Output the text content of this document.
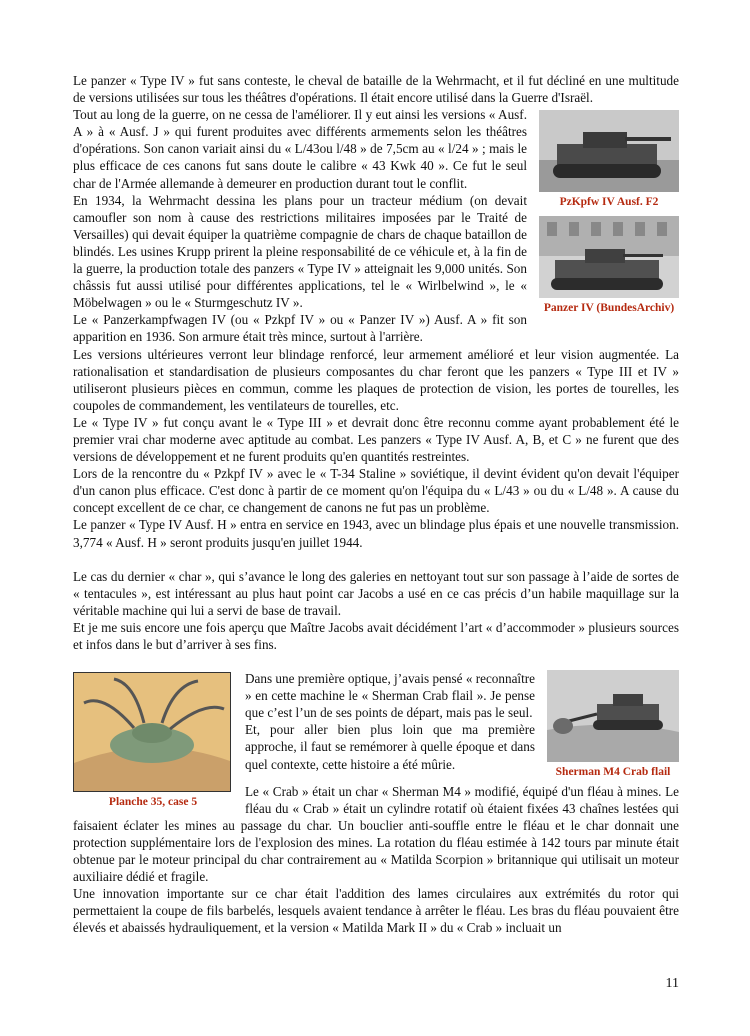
Le panzer « Type IV » fut sans conteste, le cheval de bataille de la Wehrmacht, et il fut décliné en une multitude de versions utilisées sur tous les théâtres d'opérations. Il était encore utilisé dans la Guerre d'Israël.

PzKpfw IV Ausf. F2
Panzer IV (BundesArchiv)

Tout au long de la guerre, on ne cessa de l'améliorer. Il y eut ainsi les versions « Ausf. A » à « Ausf. J » qui furent produites avec différents armements selon les théâtres d'opérations. Son canon variait ainsi du « L/43ou l/48 » de 7,5cm au « l/24 » ; mais le plus efficace de ces canons fut sans doute le calibre « 43 Kwk 40 ». Ce fut le seul char de l'Armée allemande à demeurer en production durant tout le conflit.

En 1934, la Wehrmacht dessina les plans pour un tracteur médium (on devait camoufler son nom à cause des restrictions militaires imposées par le Traité de Versailles) qui devait équiper la quatrième compagnie de chars de chaque bataillon de blindés. Les usines Krupp prirent la pleine responsabilité de ce véhicule et, à la fin de la guerre, la production totale des panzers « Type IV » atteignait les 9,000 unités. Son châssis fut aussi utilisé pour différentes applications, tel le « Wirlbelwind », le « Möbelwagen » ou le « Sturmgeschutz IV ».

Le « Panzerkampfwagen IV (ou « Pzkpf IV » ou « Panzer IV ») Ausf. A » fit son apparition en 1936. Son armure était très mince, surtout à l'arrière.

Les versions ultérieures verront leur blindage renforcé, leur armement amélioré et leur vision augmentée. La rationalisation et standardisation de plusieurs composantes du char feront que les panzers « Type III et IV » utiliseront plusieurs pièces en commun, comme les plaques de protection de vision, les portes de tourelles, les coupoles de commandement, les ventilateurs de tourelles, etc.

Le « Type IV » fut conçu avant le « Type III » et devrait donc être reconnu comme ayant probablement été le premier vrai char moderne avec aptitude au combat. Les panzers « Type IV Ausf. A, B, et C » ne furent que des versions de développement et ne furent produits qu'en quantités restreintes.

Lors de la rencontre du « Pzkpf IV » avec le « T-34 Staline » soviétique, il devint évident qu'on devait l'équiper d'un canon plus efficace. C'est donc à partir de ce moment qu'on l'équipa du « L/43 » ou du « L/48 ». A cause du concept excellent de ce char, ce changement de canons ne fut pas un problème.

Le panzer « Type IV Ausf. H » entra en service en 1943, avec un blindage plus épais et une nouvelle transmission. 3,774 « Ausf. H » seront produits jusqu'en juillet 1944.

Le cas du dernier « char », qui s’avance le long des galeries en nettoyant tout sur son passage à l’aide de sortes de « tentacules », est intéressant au plus haut point car Jacobs a usé en ce cas précis d’un habile maquillage sur la véritable machine qui lui a servi de base de travail.

Et je me suis encore une fois aperçu que Maître Jacobs avait décidément l’art « d’accommoder » plusieurs sources et infos dans le but d’arriver à ses fins.

Planche 35, case 5
Sherman M4 Crab flail

Dans une première optique, j’avais pensé « reconnaître » en cette machine le « Sherman Crab flail ». Je pense que c’est l’un de ses points de départ, mais pas le seul.

Et, pour aller bien plus loin que ma première approche, il faut se remémorer à quelle époque et dans quel contexte, cette histoire a été mûrie.

Le « Crab » était un char « Sherman M4 » modifié, équipé d'un fléau à mines. Le fléau du « Crab » était un cylindre rotatif où étaient fixées 43 chaînes lestées qui faisaient éclater les mines au passage du char. Un bouclier anti-souffle entre le fléau et le char donnait une protection supplémentaire lors de l'explosion des mines. La rotation du fléau estimée à 142 tours par minute était obtenue par le moteur principal du char contrairement au « Matilda Scorpion » britannique qui utilisait un moteur auxiliaire dédié et fragile.

Une innovation importante sur ce char était l'addition des lames circulaires aux extrémités du rotor qui permettaient la coupe de fils barbelés, lesquels avaient tendance à arrêter le fléau. Les bras du fléau pouvaient être élevés et abaissés hydrauliquement, et la version « Matilda Mark II » du « Crab » incluait un

11
